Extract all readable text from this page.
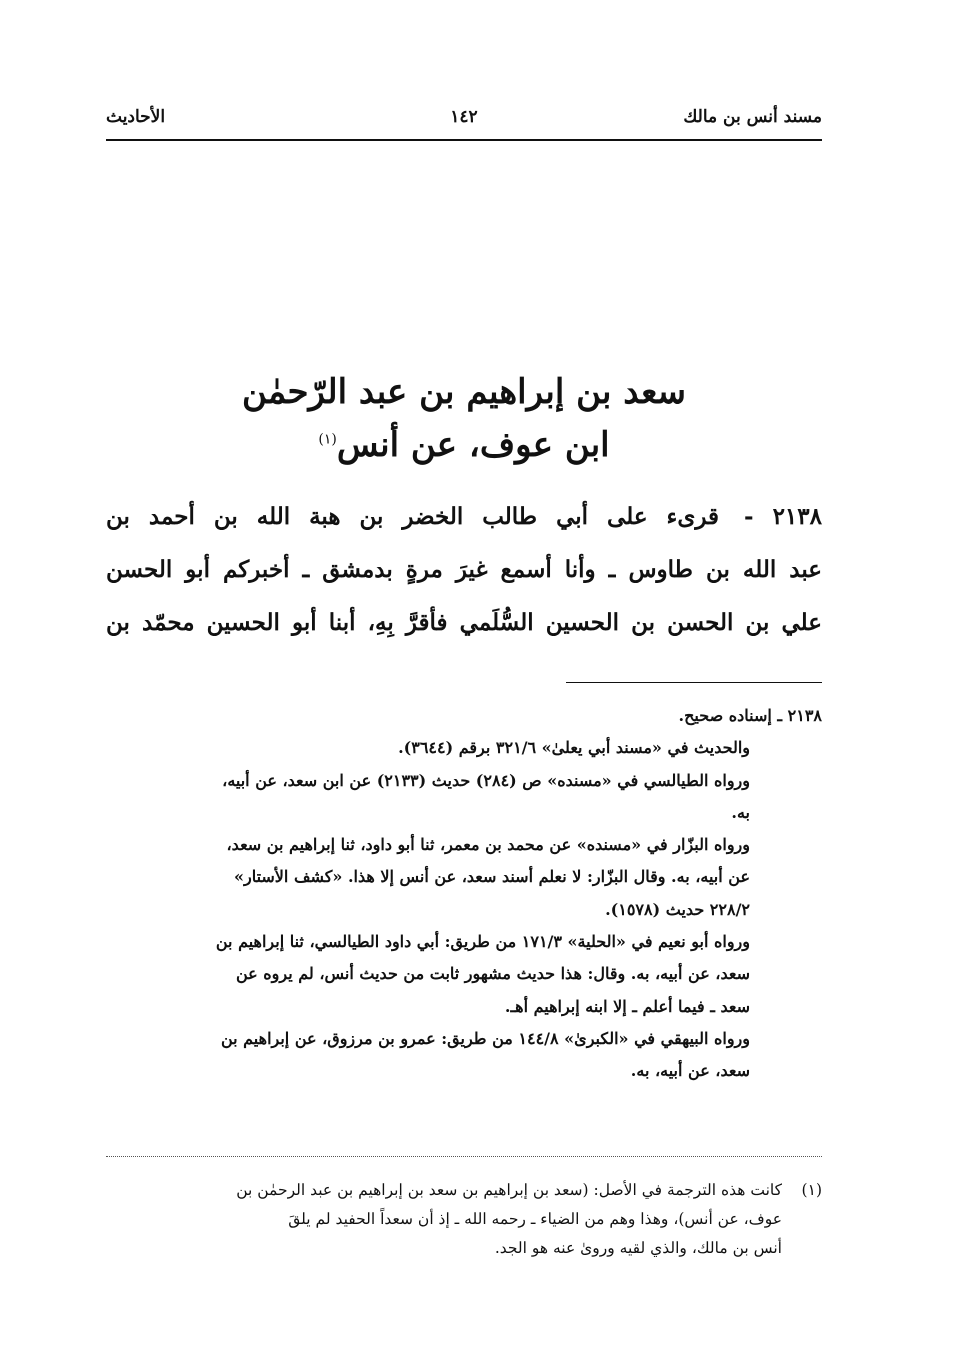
مسند أنس بن مالك
١٤٢
الأحاديث
سعد بن إبراهيم بن عبد الرّحمٰن
ابن عوف، عن أنس$^{(١)}$
٢١٣٨ - قرىء على أبي طالب الخضر بن هبة الله بن أحمد بن
عبد الله بن طاوس ـ وأنا أسمع غيرَ مرةٍ بدمشق ـ أخبركم أبو الحسن
علي بن الحسن بن الحسين السُّلَمي فأقرَّ بِهِ، أبنا أبو الحسين محمّد بن
٢١٣٨ ـ إسناده صحيح.
والحديث في «مسند أبي يعلىٰ» ٣٢١/٦ برقم (٣٦٤٤).
ورواه الطيالسي في «مسنده» ص (٢٨٤) حديث (٢١٣٣) عن ابن سعد، عن أبيه،
به.
ورواه البزّار في «مسنده» عن محمد بن معمر، ثنا أبو داود، ثنا إبراهيم بن سعد،
عن أبيه، به. وقال البزّار: لا نعلم أسند سعد، عن أنس إلا هذا. «كشف الأستار»
٢٢٨/٢ حديث (١٥٧٨).
ورواه أبو نعيم في «الحلية» ١٧١/٣ من طريق: أبي داود الطيالسي، ثنا إبراهيم بن
سعد، عن أبيه، به. وقال: هذا حديث مشهور ثابت من حديث أنس، لم يروه عن
سعد ـ فيما أعلم ـ إلا ابنه إبراهيم أهـ.
ورواه البيهقي في «الكبرىٰ» ١٤٤/٨ من طريق: عمرو بن مرزوق، عن إبراهيم بن
سعد، عن أبيه، به.
(١)
كانت هذه الترجمة في الأصل: (سعد بن إبراهيم بن سعد بن إبراهيم بن عبد الرحمٰن بن
عوف، عن أنس)، وهذا وهم من الضياء ـ رحمه الله ـ إذ أن سعداً الحفيد لم يلقَ
أنس بن مالك، والذي لقيه وروىٰ عنه هو الجد.
